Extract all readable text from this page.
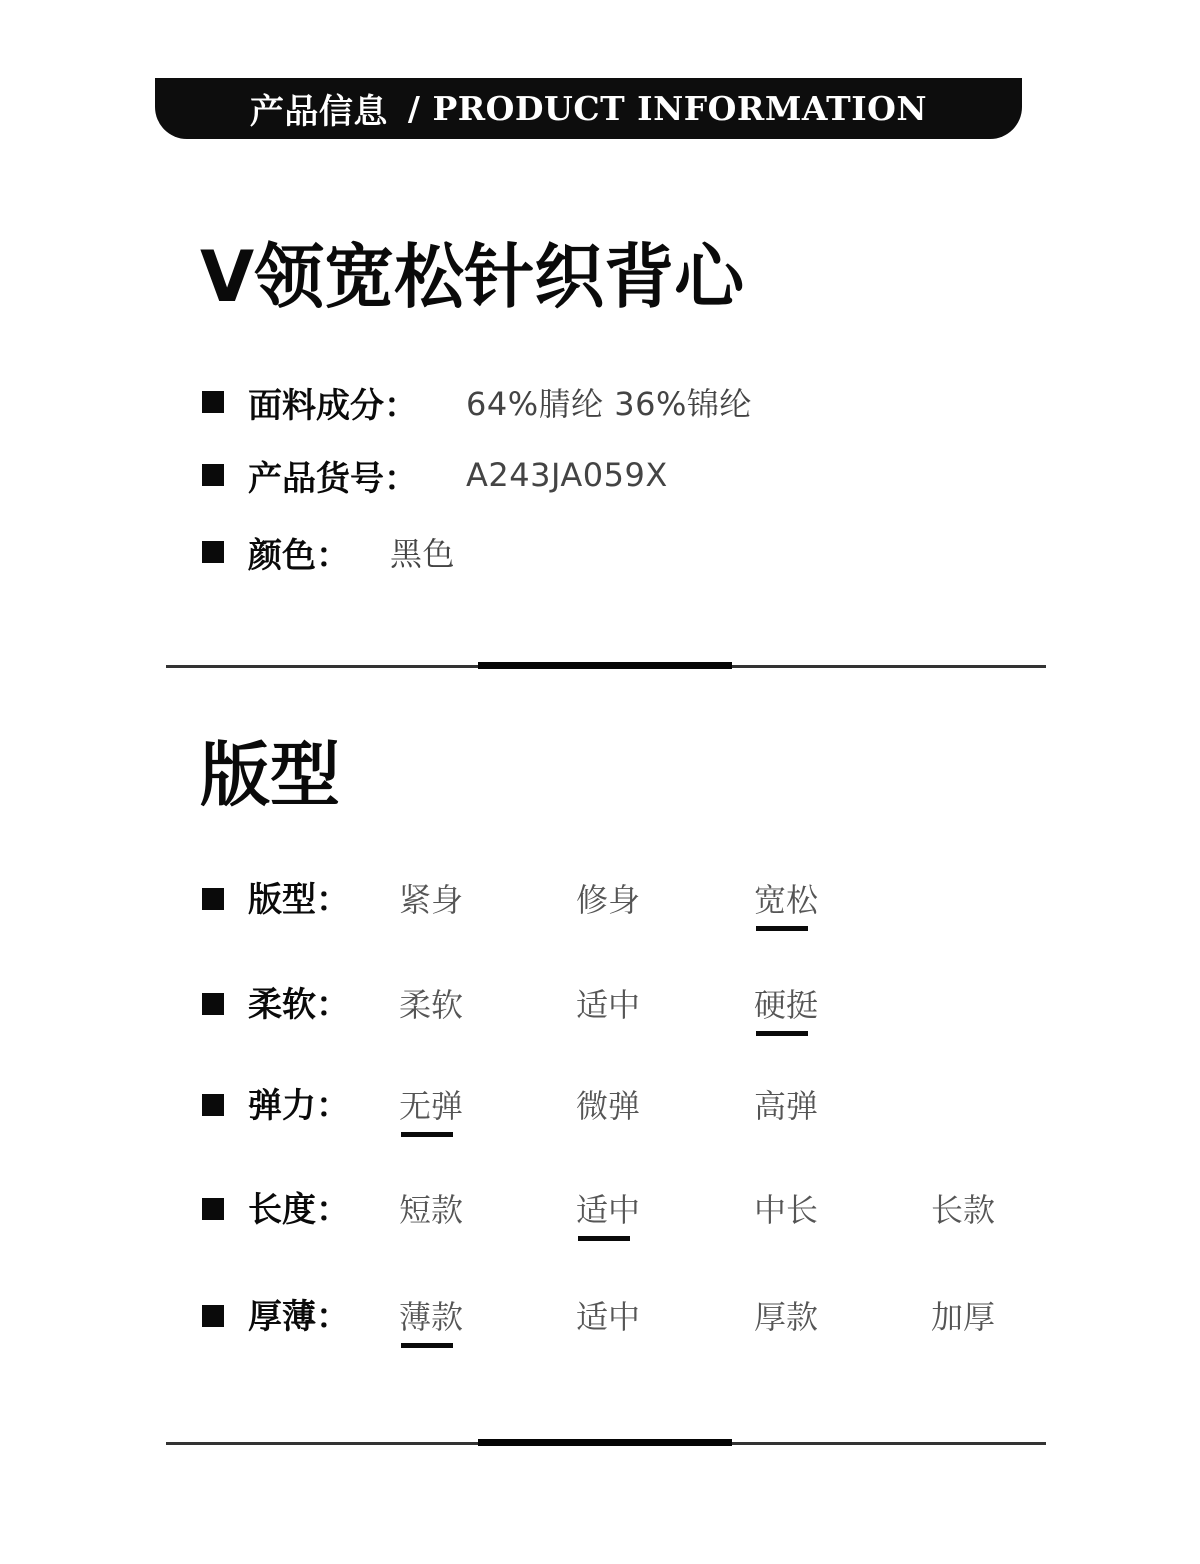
产品信息 / PRODUCT INFORMATION
V领宽松针织背心
面料成分： 64%腈纶 36%锦纶
产品货号： A243JA059X
颜色： 黑色
版型
版型： 紧身	修身	宽松
柔软： 柔软	适中	硬挺
弹力： 无弹	微弹	高弹
长度： 短款	适中	中长	长款
厚薄： 薄款	适中	厚款	加厚
